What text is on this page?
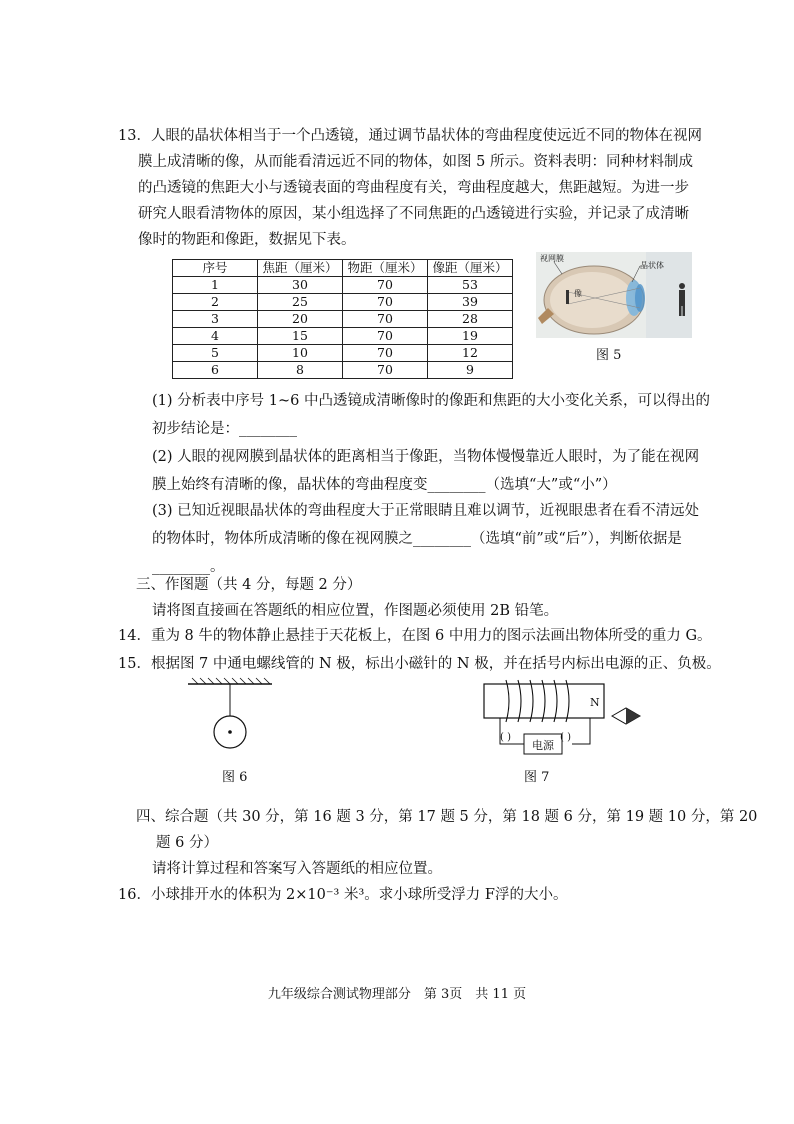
13．人眼的晶状体相当于一个凸透镜，通过调节晶状体的弯曲程度使远近不同的物体在视网
膜上成清晰的像，从而能看清远近不同的物体，如图 5 所示。资料表明：同种材料制成
的凸透镜的焦距大小与透镜表面的弯曲程度有关，弯曲程度越大，焦距越短。为进一步
研究人眼看清物体的原因，某小组选择了不同焦距的凸透镜进行实验，并记录了成清晰
像时的物距和像距，数据见下表。
序号	焦距（厘米）	物距（厘米）	像距（厘米）
1	30	70	53
2	25	70	39
3	20	70	28
4	15	70	19
5	10	70	12
6	8	70	9
视网膜
晶状体
像
图 5
(1) 分析表中序号 1~6 中凸透镜成清晰像时的像距和焦距的大小变化关系，可以得出的
初步结论是：________
(2) 人眼的视网膜到晶状体的距离相当于像距，当物体慢慢靠近人眼时，为了能在视网
膜上始终有清晰的像，晶状体的弯曲程度变________（选填“大”或“小”）
(3) 已知近视眼晶状体的弯曲程度大于正常眼睛且难以调节，近视眼患者在看不清远处
的物体时，物体所成清晰的像在视网膜之________（选填“前”或“后”），判断依据是
________。
三、作图题（共 4 分，每题 2 分）
请将图直接画在答题纸的相应位置，作图题必须使用 2B 铅笔。
14．重为 8 牛的物体静止悬挂于天花板上，在图 6 中用力的图示法画出物体所受的重力 G。
15．根据图 7 中通电螺线管的 N 极，标出小磁针的 N 极，并在括号内标出电源的正、负极。
图 6
电源
( )	( )
N
图 7
四、综合题（共 30 分，第 16 题 3 分，第 17 题 5 分，第 18 题 6 分，第 19 题 10 分，第 20
题 6 分）
请将计算过程和答案写入答题纸的相应位置。
16．小球排开水的体积为 2×10⁻³ 米³。求小球所受浮力 F浮的大小。
九年级综合测试物理部分　第 3页　共 11 页
